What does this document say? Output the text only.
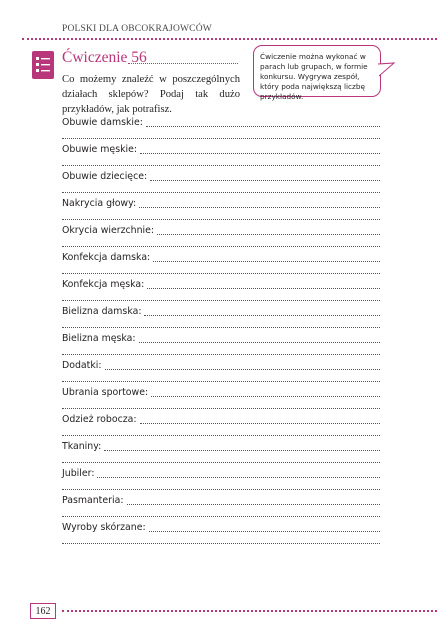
POLSKI DLA OBCOKRAJOWCÓW
Ćwiczenie 56

Co możemy znaleźć w poszczególnych działach sklepów? Podaj tak dużo przykładów, jak potrafisz.

Ćwiczenie można wykonać w parach lub grupach, w formie konkursu. Wygrywa zespół, który poda największą liczbę przykładów.
Obuwie damskie:
Obuwie męskie:
Obuwie dziecięce:
Nakrycia głowy:
Okrycia wierzchnie:
Konfekcja damska:
Konfekcja męska:
Bielizna damska:
Bielizna męska:
Dodatki:
Ubrania sportowe:
Odzież robocza:
Tkaniny:
Jubiler:
Pasmanteria:
Wyroby skórzane:
162
